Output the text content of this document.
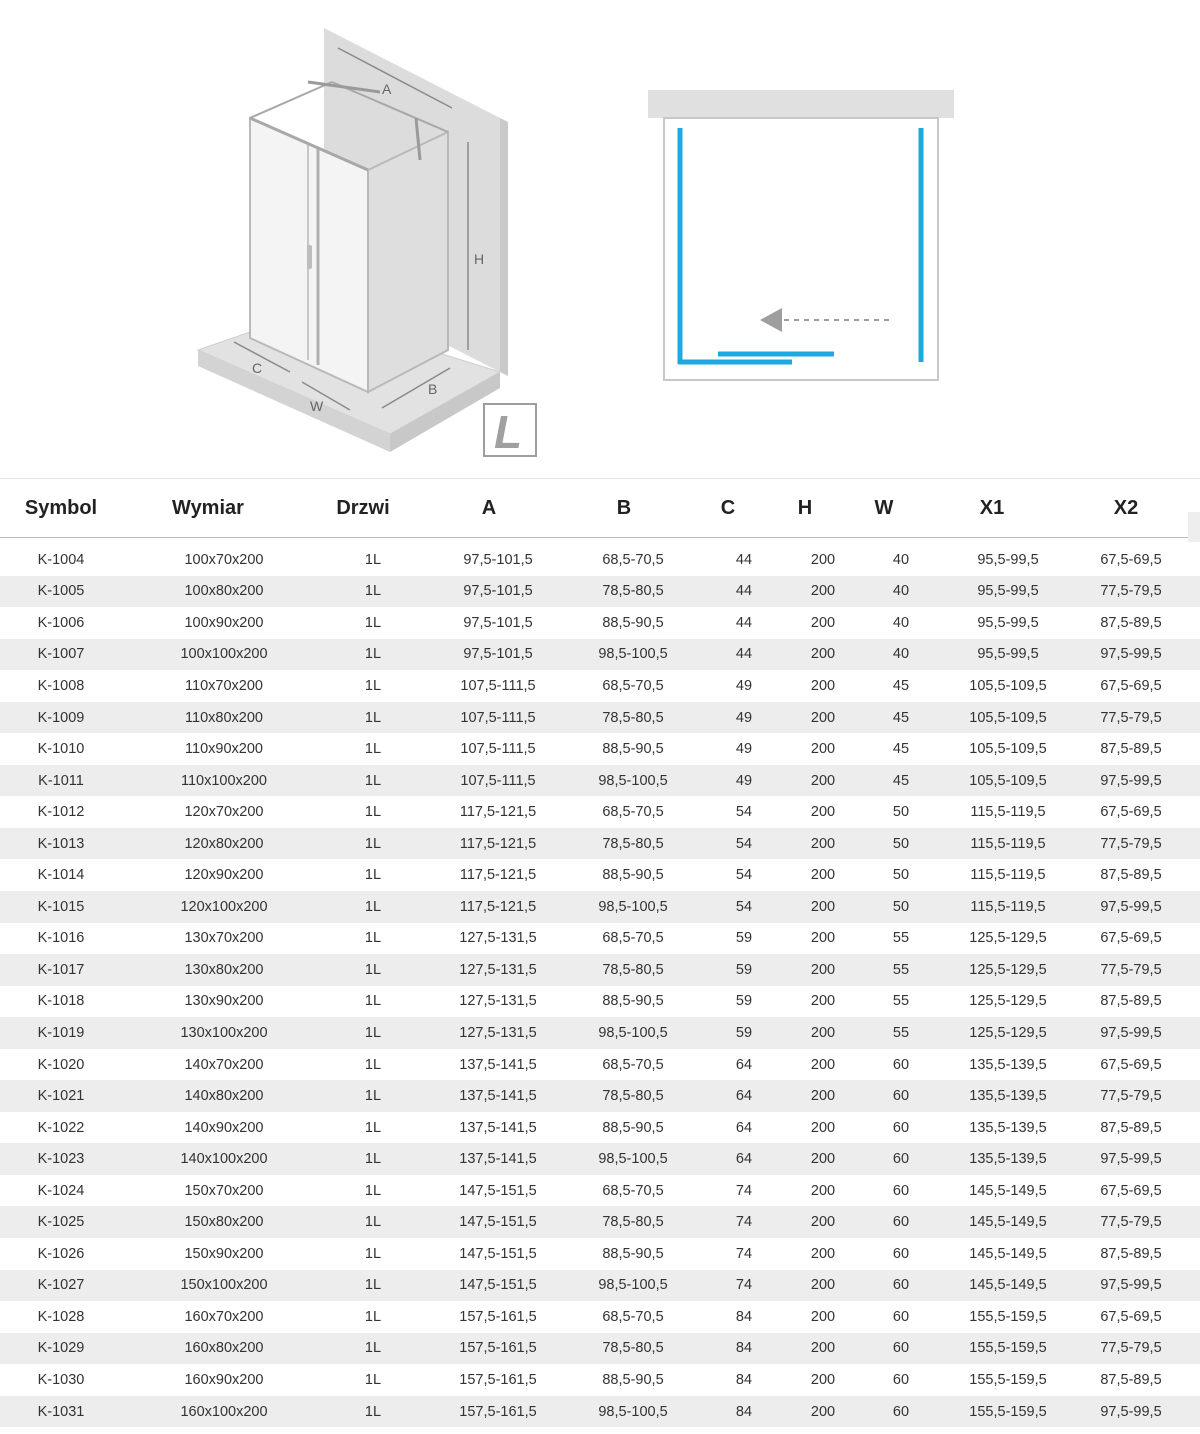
A
H
C
W
B
L
Symbol	Wymiar	Drzwi	A	B	C	H	W	X1	X2
K-1004	100x70x200	1L	97,5-101,5	68,5-70,5	44	200	40	95,5-99,5	67,5-69,5
K-1005	100x80x200	1L	97,5-101,5	78,5-80,5	44	200	40	95,5-99,5	77,5-79,5
K-1006	100x90x200	1L	97,5-101,5	88,5-90,5	44	200	40	95,5-99,5	87,5-89,5
K-1007	100x100x200	1L	97,5-101,5	98,5-100,5	44	200	40	95,5-99,5	97,5-99,5
K-1008	110x70x200	1L	107,5-111,5	68,5-70,5	49	200	45	105,5-109,5	67,5-69,5
K-1009	110x80x200	1L	107,5-111,5	78,5-80,5	49	200	45	105,5-109,5	77,5-79,5
K-1010	110x90x200	1L	107,5-111,5	88,5-90,5	49	200	45	105,5-109,5	87,5-89,5
K-1011	110x100x200	1L	107,5-111,5	98,5-100,5	49	200	45	105,5-109,5	97,5-99,5
K-1012	120x70x200	1L	117,5-121,5	68,5-70,5	54	200	50	115,5-119,5	67,5-69,5
K-1013	120x80x200	1L	117,5-121,5	78,5-80,5	54	200	50	115,5-119,5	77,5-79,5
K-1014	120x90x200	1L	117,5-121,5	88,5-90,5	54	200	50	115,5-119,5	87,5-89,5
K-1015	120x100x200	1L	117,5-121,5	98,5-100,5	54	200	50	115,5-119,5	97,5-99,5
K-1016	130x70x200	1L	127,5-131,5	68,5-70,5	59	200	55	125,5-129,5	67,5-69,5
K-1017	130x80x200	1L	127,5-131,5	78,5-80,5	59	200	55	125,5-129,5	77,5-79,5
K-1018	130x90x200	1L	127,5-131,5	88,5-90,5	59	200	55	125,5-129,5	87,5-89,5
K-1019	130x100x200	1L	127,5-131,5	98,5-100,5	59	200	55	125,5-129,5	97,5-99,5
K-1020	140x70x200	1L	137,5-141,5	68,5-70,5	64	200	60	135,5-139,5	67,5-69,5
K-1021	140x80x200	1L	137,5-141,5	78,5-80,5	64	200	60	135,5-139,5	77,5-79,5
K-1022	140x90x200	1L	137,5-141,5	88,5-90,5	64	200	60	135,5-139,5	87,5-89,5
K-1023	140x100x200	1L	137,5-141,5	98,5-100,5	64	200	60	135,5-139,5	97,5-99,5
K-1024	150x70x200	1L	147,5-151,5	68,5-70,5	74	200	60	145,5-149,5	67,5-69,5
K-1025	150x80x200	1L	147,5-151,5	78,5-80,5	74	200	60	145,5-149,5	77,5-79,5
K-1026	150x90x200	1L	147,5-151,5	88,5-90,5	74	200	60	145,5-149,5	87,5-89,5
K-1027	150x100x200	1L	147,5-151,5	98,5-100,5	74	200	60	145,5-149,5	97,5-99,5
K-1028	160x70x200	1L	157,5-161,5	68,5-70,5	84	200	60	155,5-159,5	67,5-69,5
K-1029	160x80x200	1L	157,5-161,5	78,5-80,5	84	200	60	155,5-159,5	77,5-79,5
K-1030	160x90x200	1L	157,5-161,5	88,5-90,5	84	200	60	155,5-159,5	87,5-89,5
K-1031	160x100x200	1L	157,5-161,5	98,5-100,5	84	200	60	155,5-159,5	97,5-99,5
